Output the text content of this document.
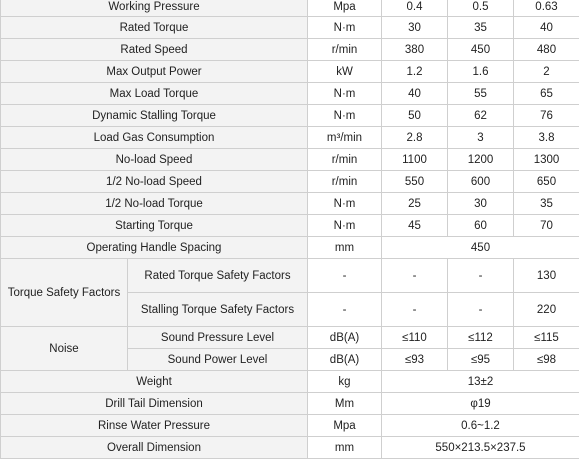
Working Pressure		Mpa	0.4	0.5	0.63
Rated Torque		N·m	30	35	40
Rated Speed		r/min	380	450	480
Max Output Power		kW	1.2	1.6	2
Max Load Torque		N·m	40	55	65
Dynamic Stalling Torque		N·m	50	62	76
Load Gas Consumption		m³/min	2.8	3	3.8
No-load Speed		r/min	1100	1200	1300
1/2 No-load Speed		r/min	550	600	650
1/2 No-load Torque		N·m	25	30	35
Starting Torque		N·m	45	60	70
Operating Handle Spacing		mm	450		
Torque Safety Factors	Rated Torque Safety Factors	-	-	-	130
	Stalling Torque Safety Factors	-	-	-	220
Noise	Sound Pressure Level	dB(A)	≤110	≤112	≤115
	Sound Power Level	dB(A)	≤93	≤95	≤98
Weight		kg	13±2		
Drill Tail Dimension		Mm	φ19		
Rinse Water Pressure		Mpa	0.6~1.2		
Overall Dimension		mm	550×213.5×237.5		
